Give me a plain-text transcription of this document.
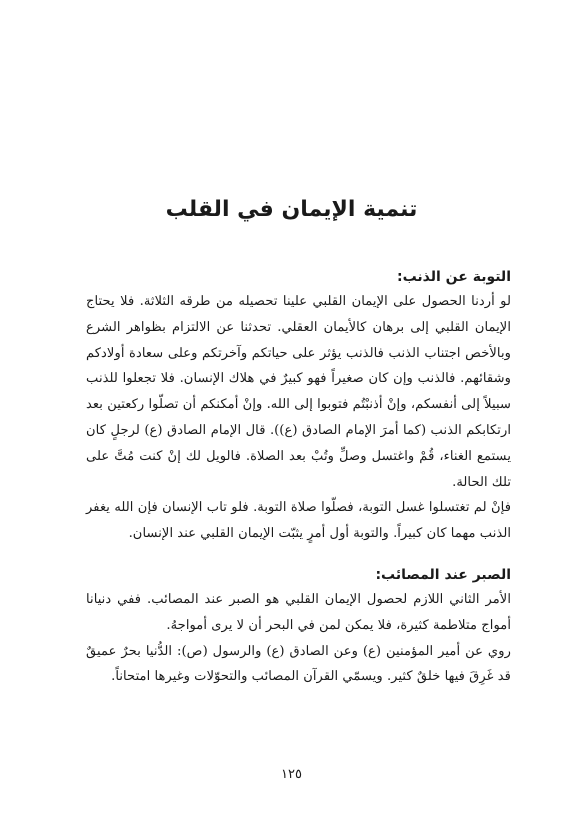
تنمية الإيمان في القلب
التوبة عن الذنب:

لو أردنا الحصول على الإيمان القلبي علينا تحصيله من طرقه الثلاثة. فلا يحتاج الإيمان القلبي إلى برهان كالأيمان العقلي. تحدثنا عن الالتزام بظواهر الشرع وبالأخص اجتناب الذنب فالذنب يؤثر على حياتكم وآخرتكم وعلى سعادة أولادكم وشقائهم. فالذنب وإن كان صغيراً فهو كبيرٌ في هلاك الإنسان. فلا تجعلوا للذنب سبيلاً إلى أنفسكم، وإنْ أذنبْتُم فتوبوا إلى الله. وإنْ أمكنكم أن تصلّوا ركعتين بعد ارتكابكم الذنب (كما أمرَ الإمام الصادق (ع)). قال الإمام الصادق (ع) لرجلٍ كان يستمع الغناء، قُمْ واغتسل وصلِّ وتُبْ بعد الصلاة. فالويل لك إنْ كنت مُتَّ على تلك الحالة.

فإنْ لم تغتسلوا غسل التوبة، فصلّوا صلاة التوبة. فلو تاب الإنسان فإن الله يغفر الذنب مهما كان كبيراً. والتوبة أول أمرٍ يثبّت الإيمان القلبي عند الإنسان.

الصبر عند المصائب:

الأمر الثاني اللازم لحصول الإيمان القلبي هو الصبر عند المصائب. ففي دنيانا أمواج متلاطمة كثيرة، فلا يمكن لمن في البحر أن لا يرى أمواجهُ.

روي عن أمير المؤمنين (ع) وعن الصادق (ع) والرسول (ص): الدُّنيا بحرٌ عميقٌ قد غَرِقَ فيها خلقٌ كثير. ويسمّي القرآن المصائب والتحوّلات وغيرها امتحاناً.

١٢٥
